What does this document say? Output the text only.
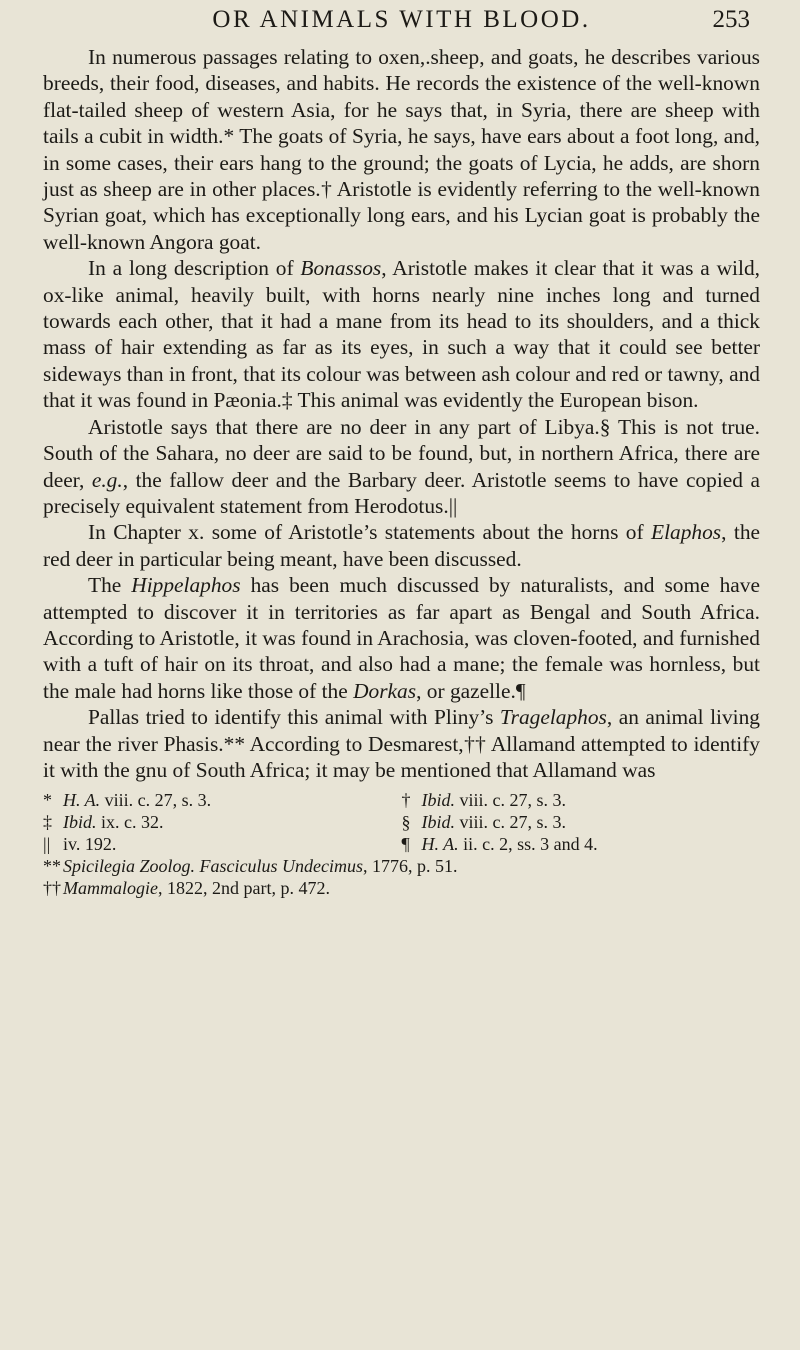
OR ANIMALS WITH BLOOD.	253

In numerous passages relating to oxen,.sheep, and goats, he describes various breeds, their food, diseases, and habits. He records the existence of the well-known flat-tailed sheep of western Asia, for he says that, in Syria, there are sheep with tails a cubit in width.* The goats of Syria, he says, have ears about a foot long, and, in some cases, their ears hang to the ground; the goats of Lycia, he adds, are shorn just as sheep are in other places.† Aristotle is evidently referring to the well-known Syrian goat, which has exceptionally long ears, and his Lycian goat is probably the well-known Angora goat.

In a long description of Bonassos, Aristotle makes it clear that it was a wild, ox-like animal, heavily built, with horns nearly nine inches long and turned towards each other, that it had a mane from its head to its shoulders, and a thick mass of hair extending as far as its eyes, in such a way that it could see better sideways than in front, that its colour was between ash colour and red or tawny, and that it was found in Pæonia.‡ This animal was evidently the European bison.

Aristotle says that there are no deer in any part of Libya.§ This is not true. South of the Sahara, no deer are said to be found, but, in northern Africa, there are deer, e.g., the fallow deer and the Barbary deer. Aristotle seems to have copied a precisely equivalent statement from Herodotus.||

In Chapter x. some of Aristotle’s statements about the horns of Elaphos, the red deer in particular being meant, have been discussed.

The Hippelaphos has been much discussed by naturalists, and some have attempted to discover it in territories as far apart as Bengal and South Africa. According to Aristotle, it was found in Arachosia, was cloven-footed, and furnished with a tuft of hair on its throat, and also had a mane; the female was hornless, but the male had horns like those of the Dorkas, or gazelle.¶

Pallas tried to identify this animal with Pliny’s Tragelaphos, an animal living near the river Phasis.** According to Desmarest,†† Allamand attempted to identify it with the gnu of South Africa; it may be mentioned that Allamand was

* H. A. viii. c. 27, s. 3.	† Ibid. viii. c. 27, s. 3.
‡ Ibid. ix. c. 32.	§ Ibid. viii. c. 27, s. 3.
|| iv. 192.	¶ H. A. ii. c. 2, ss. 3 and 4.
** Spicilegia Zoolog. Fasciculus Undecimus, 1776, p. 51.
†† Mammalogie, 1822, 2nd part, p. 472.
